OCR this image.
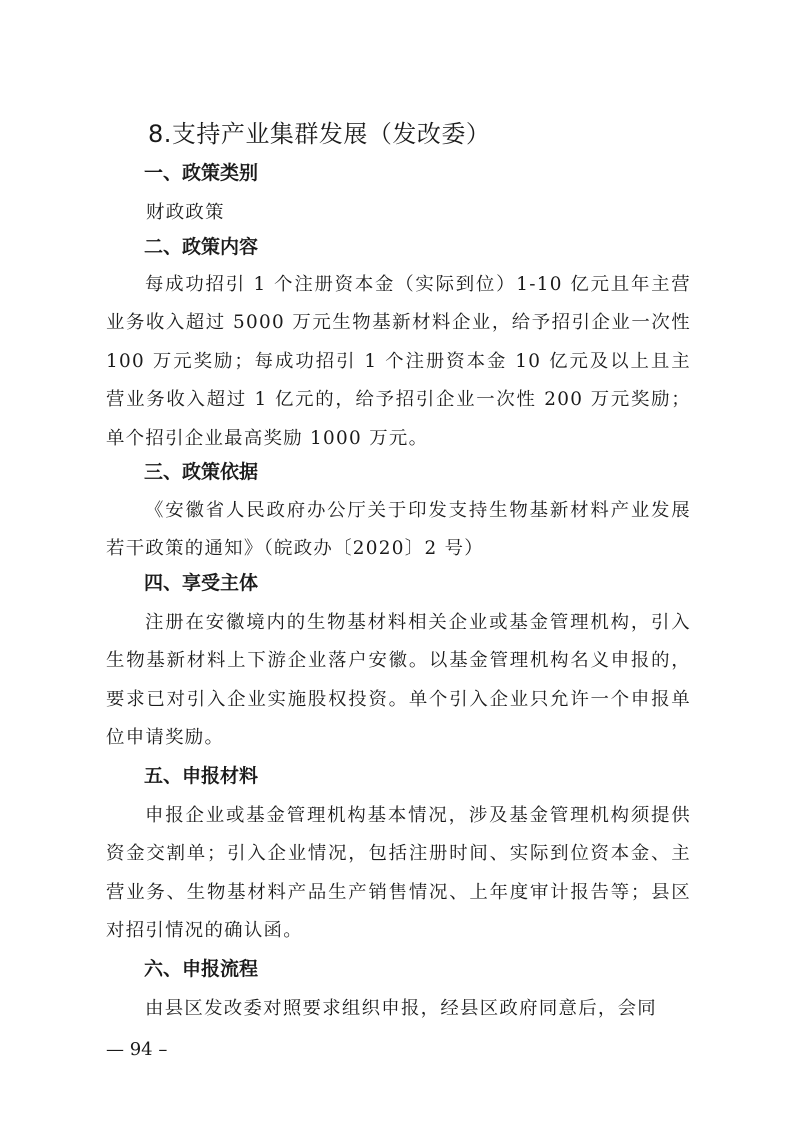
8.支持产业集群发展（发改委）
一、政策类别
财政政策
二、政策内容
每成功招引 1 个注册资本金（实际到位）1-10 亿元且年主营业务收入超过 5000 万元生物基新材料企业，给予招引企业一次性 100 万元奖励；每成功招引 1 个注册资本金 10 亿元及以上且主营业务收入超过 1 亿元的，给予招引企业一次性 200 万元奖励；单个招引企业最高奖励 1000 万元。
三、政策依据
《安徽省人民政府办公厅关于印发支持生物基新材料产业发展若干政策的通知》（皖政办〔2020〕2 号）
四、享受主体
注册在安徽境内的生物基材料相关企业或基金管理机构，引入生物基新材料上下游企业落户安徽。以基金管理机构名义申报的，要求已对引入企业实施股权投资。单个引入企业只允许一个申报单位申请奖励。
五、申报材料
申报企业或基金管理机构基本情况，涉及基金管理机构须提供资金交割单；引入企业情况，包括注册时间、实际到位资本金、主营业务、生物基材料产品生产销售情况、上年度审计报告等；县区对招引情况的确认函。
六、申报流程
由县区发改委对照要求组织申报，经县区政府同意后，会同
— 94 –
